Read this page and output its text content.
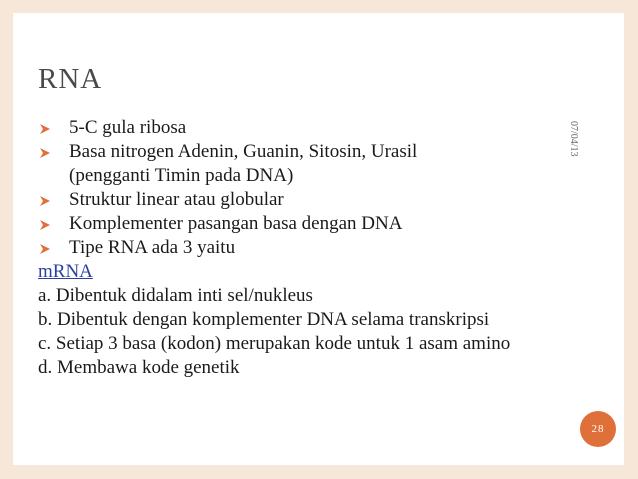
RNA
07/04/13
5-C gula ribosa
Basa nitrogen Adenin, Guanin, Sitosin, Urasil
(pengganti Timin pada DNA)
Struktur linear atau globular
Komplementer pasangan basa dengan DNA
Tipe RNA ada 3 yaitu
mRNA
a. Dibentuk didalam inti sel/nukleus
b. Dibentuk dengan komplementer DNA selama transkripsi
c. Setiap 3 basa (kodon) merupakan kode untuk 1 asam amino
d. Membawa kode genetik
28
